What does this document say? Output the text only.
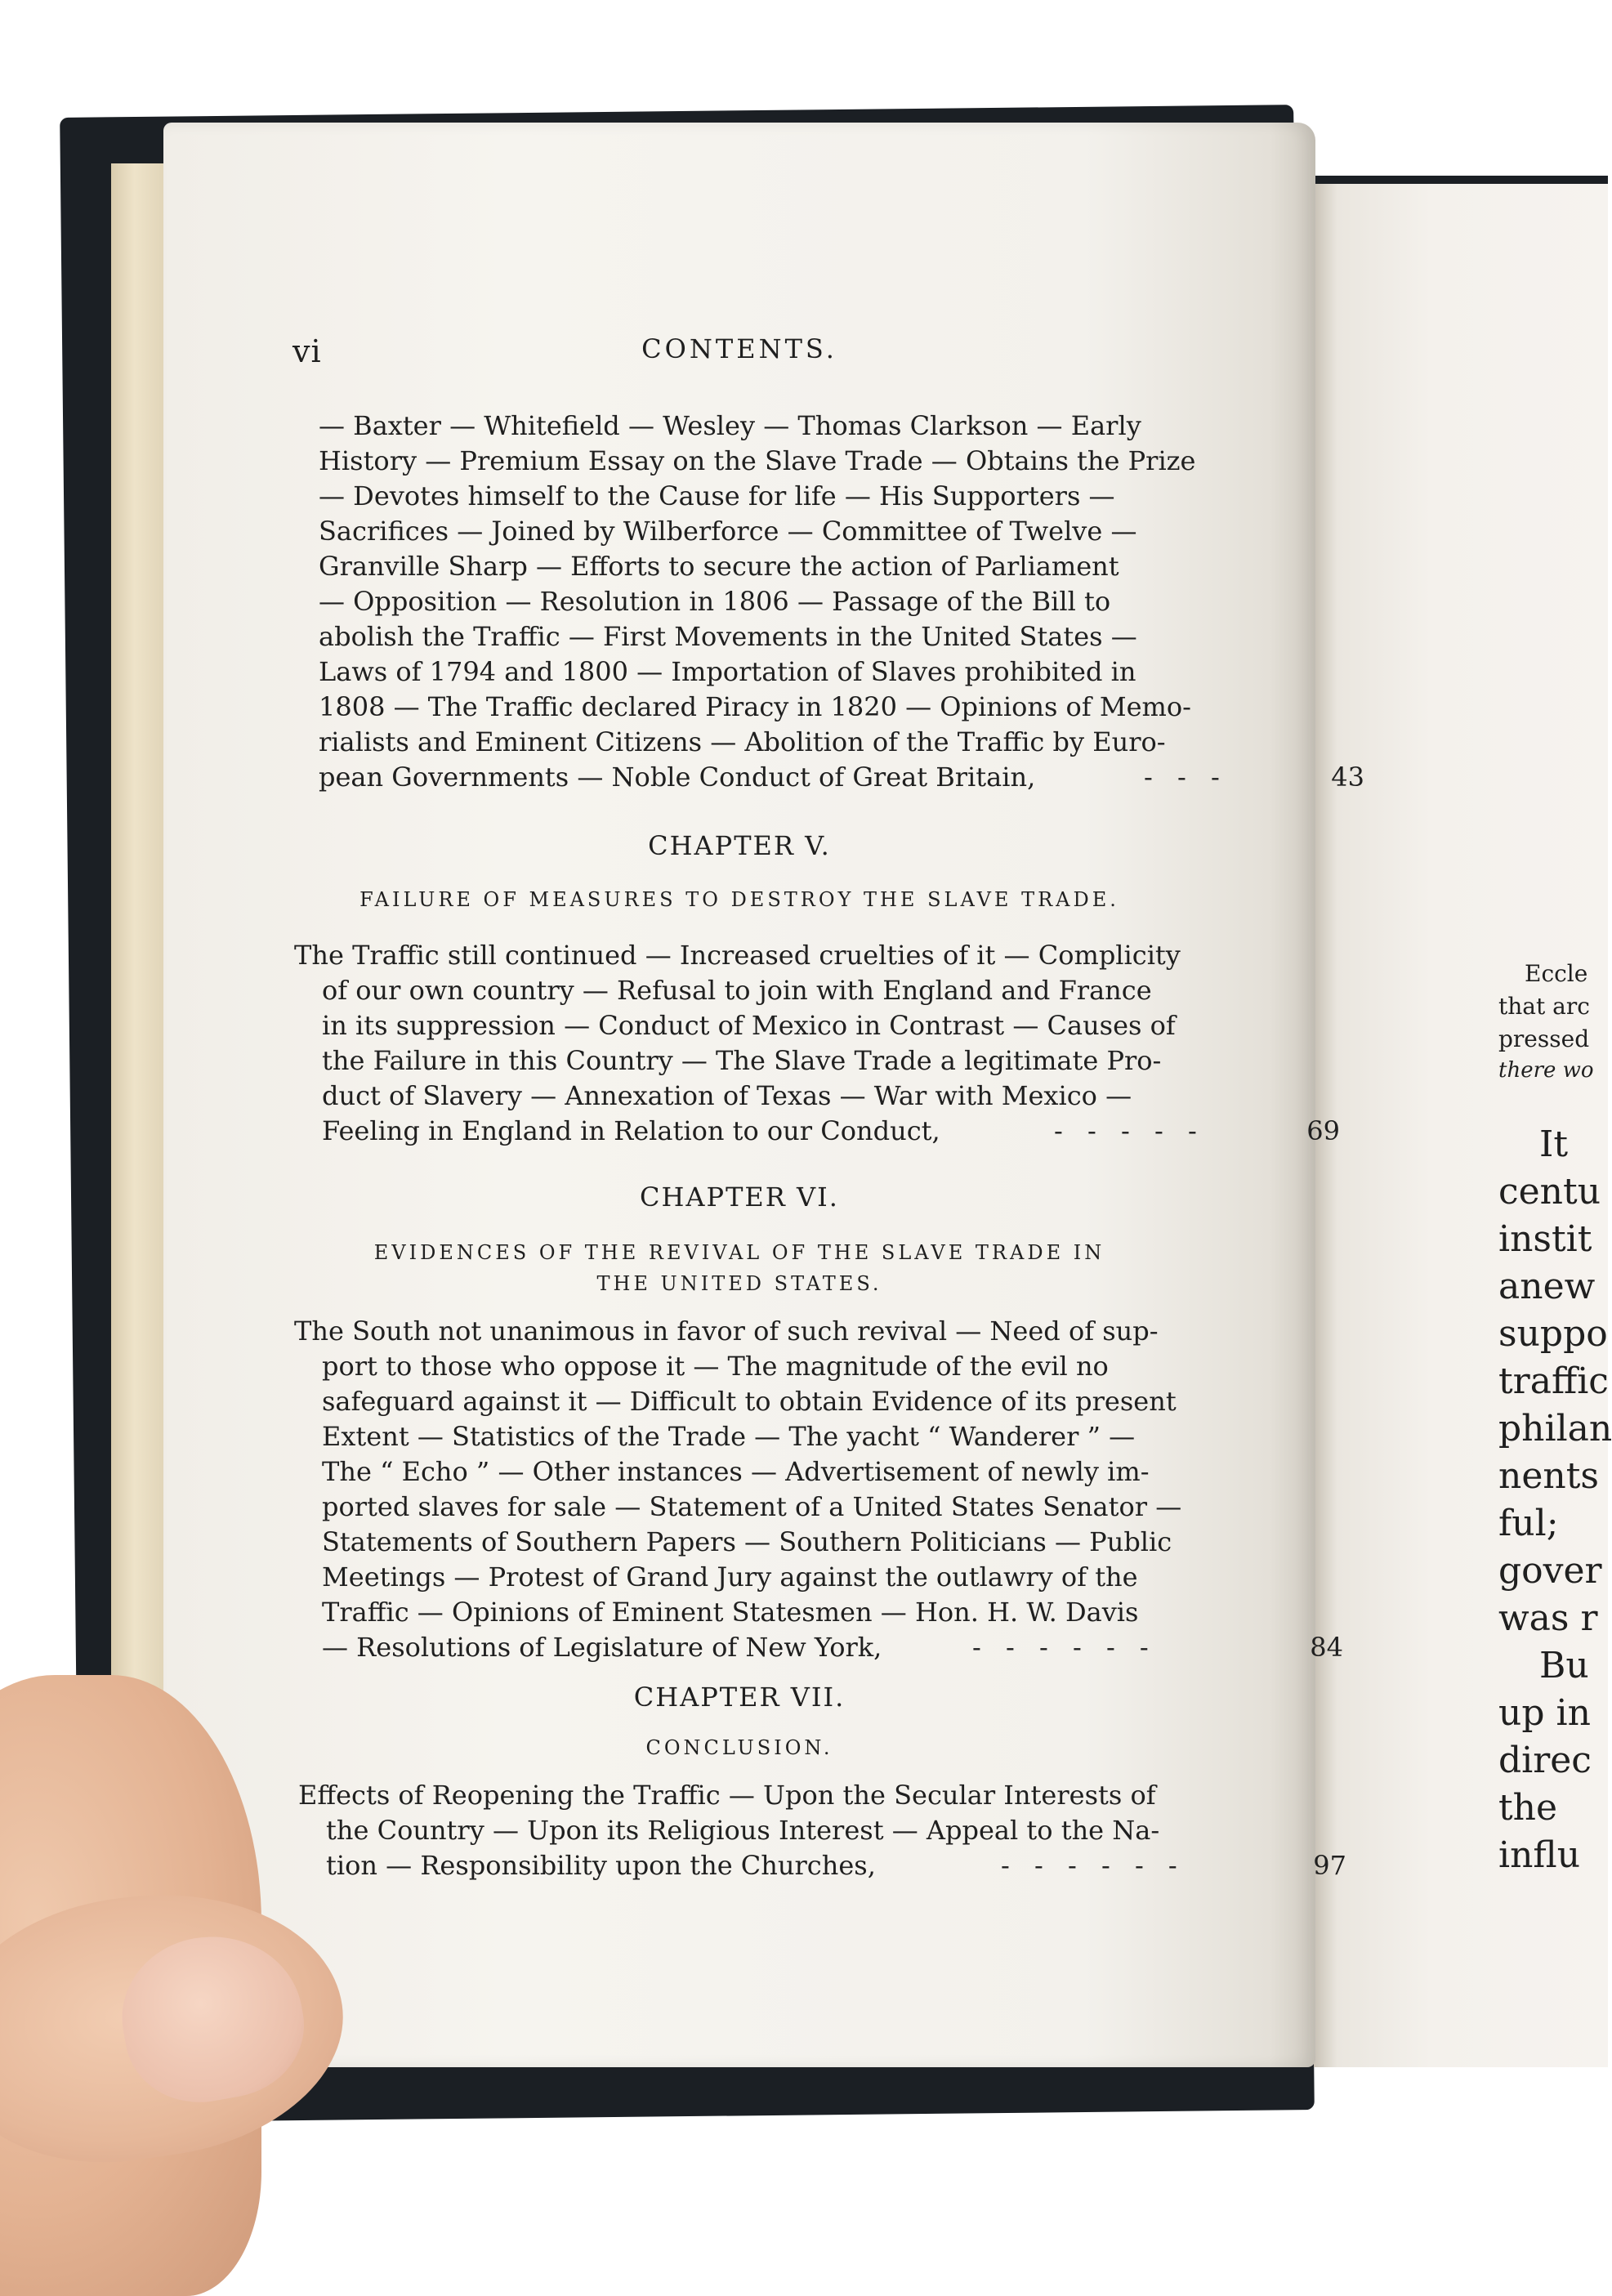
Eccle
that arc
pressed
there wo
It
centu
instit
anew
suppo
traffic
philan
nents
ful;
gover
was r
Bu
up in
direc
the
influ
vi	CONTENTS.
— Baxter — Whitefield — Wesley — Thomas Clarkson — Early
History — Premium Essay on the Slave Trade — Obtains the Prize
— Devotes himself to the Cause for life — His Supporters —
Sacrifices — Joined by Wilberforce — Committee of Twelve —
Granville Sharp — Efforts to secure the action of Parliament
— Opposition — Resolution in 1806 — Passage of the Bill to
abolish the Traffic — First Movements in the United States —
Laws of 1794 and 1800 — Importation of Slaves prohibited in
1808 — The Traffic declared Piracy in 1820 — Opinions of Memo-
rialists and Eminent Citizens — Abolition of the Traffic by Euro-
pean Governments — Noble Conduct of Great Britain,	- - -	43
CHAPTER V.
FAILURE OF MEASURES TO DESTROY THE SLAVE TRADE.
The Traffic still continued — Increased cruelties of it — Complicity
of our own country — Refusal to join with England and France
in its suppression — Conduct of Mexico in Contrast — Causes of
the Failure in this Country — The Slave Trade a legitimate Pro-
duct of Slavery — Annexation of Texas — War with Mexico —
Feeling in England in Relation to our Conduct,	- - - - -	69
CHAPTER VI.
EVIDENCES OF THE REVIVAL OF THE SLAVE TRADE IN
THE UNITED STATES.
The South not unanimous in favor of such revival — Need of sup-
port to those who oppose it — The magnitude of the evil no
safeguard against it — Difficult to obtain Evidence of its present
Extent — Statistics of the Trade — The yacht “ Wanderer ” —
The “ Echo ” — Other instances — Advertisement of newly im-
ported slaves for sale — Statement of a United States Senator —
Statements of Southern Papers — Southern Politicians — Public
Meetings — Protest of Grand Jury against the outlawry of the
Traffic — Opinions of Eminent Statesmen — Hon. H. W. Davis
— Resolutions of Legislature of New York,	- - - - - -	84
CHAPTER VII.
CONCLUSION.
Effects of Reopening the Traffic — Upon the Secular Interests of
the Country — Upon its Religious Interest — Appeal to the Na-
tion — Responsibility upon the Churches,	- - - - - -	97
